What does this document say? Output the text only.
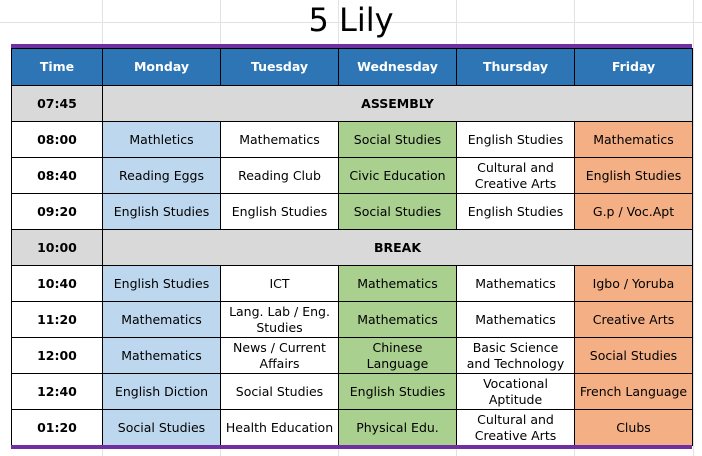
5 Lily
Time	Monday	Tuesday	Wednesday	Thursday	Friday
07:45	ASSEMBLY				
08:00	Mathletics	Mathematics	Social Studies	English Studies	Mathematics
08:40	Reading Eggs	Reading Club	Civic Education	Cultural and Creative Arts	English Studies
09:20	English Studies	English Studies	Social Studies	English Studies	G.p / Voc.Apt
10:00	BREAK				
10:40	English Studies	ICT	Mathematics	Mathematics	Igbo / Yoruba
11:20	Mathematics	Lang. Lab / Eng. Studies	Mathematics	Mathematics	Creative Arts
12:00	Mathematics	News / Current Affairs	Chinese Language	Basic Science and Technology	Social Studies
12:40	English Diction	Social Studies	English Studies	Vocational Aptitude	French Language
01:20	Social Studies	Health Education	Physical Edu.	Cultural and Creative Arts	Clubs
